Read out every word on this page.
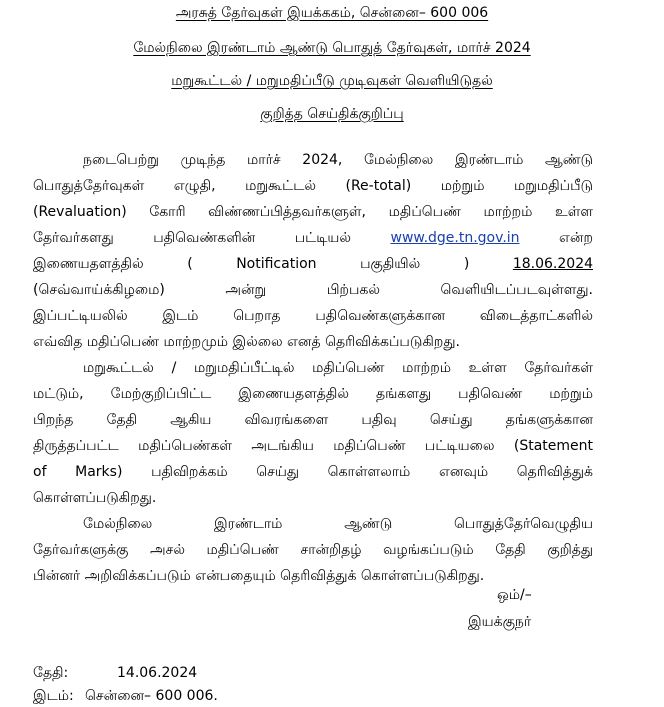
அரசுத் தேர்வுகள் இயக்ககம், சென்னை– 600 006
மேல்நிலை இரண்டாம் ஆண்டு பொதுத் தேர்வுகள், மார்ச் 2024
மறுகூட்டல் / மறுமதிப்பீடு முடிவுகள் வெளியிடுதல்
குறித்த செய்திக்குறிப்பு
நடைபெற்று முடிந்த மார்ச் 2024, மேல்நிலை இரண்டாம் ஆண்டு
பொதுத்தேர்வுகள் எழுதி, மறுகூட்டல் (Re-total) மற்றும் மறுமதிப்பீடு
(Revaluation) கோரி விண்ணப்பித்தவர்களுள், மதிப்பெண் மாற்றம் உள்ள
தேர்வர்களது பதிவெண்களின் பட்டியல்	www.dge.tn.gov.in	என்ற
இணையதளத்தில்	(	Notification	பகுதியில்	)	18.06.2024
(செவ்வாய்க்கிழமை) அன்று பிற்பகல் வெளியிடப்படவுள்ளது.
இப்பட்டியலில் இடம் பெறாத பதிவெண்களுக்கான விடைத்தாட்களில்
எவ்வித மதிப்பெண் மாற்றமும் இல்லை எனத் தெரிவிக்கப்படுகிறது.
மறுகூட்டல் / மறுமதிப்பீட்டில் மதிப்பெண் மாற்றம் உள்ள தேர்வர்கள்
மட்டும், மேற்குறிப்பிட்ட இணையதளத்தில் தங்களது பதிவெண் மற்றும்
பிறந்த தேதி ஆகிய விவரங்களை பதிவு செய்து தங்களுக்கான
திருத்தப்பட்ட மதிப்பெண்கள் அடங்கிய மதிப்பெண் பட்டியலை (Statement
of Marks) பதிவிறக்கம் செய்து கொள்ளலாம் எனவும் தெரிவித்துக்
கொள்ளப்படுகிறது.
மேல்நிலை இரண்டாம் ஆண்டு பொதுத்தேர்வெழுதிய
தேர்வர்களுக்கு அசல் மதிப்பெண் சான்றிதழ் வழங்கப்படும் தேதி குறித்து
பின்னர் அறிவிக்கப்படும் என்பதையும் தெரிவித்துக் கொள்ளப்படுகிறது.
ஒம்/–
இயக்குநர்
தேதி:	14.06.2024
இடம்: சென்னை– 600 006.
